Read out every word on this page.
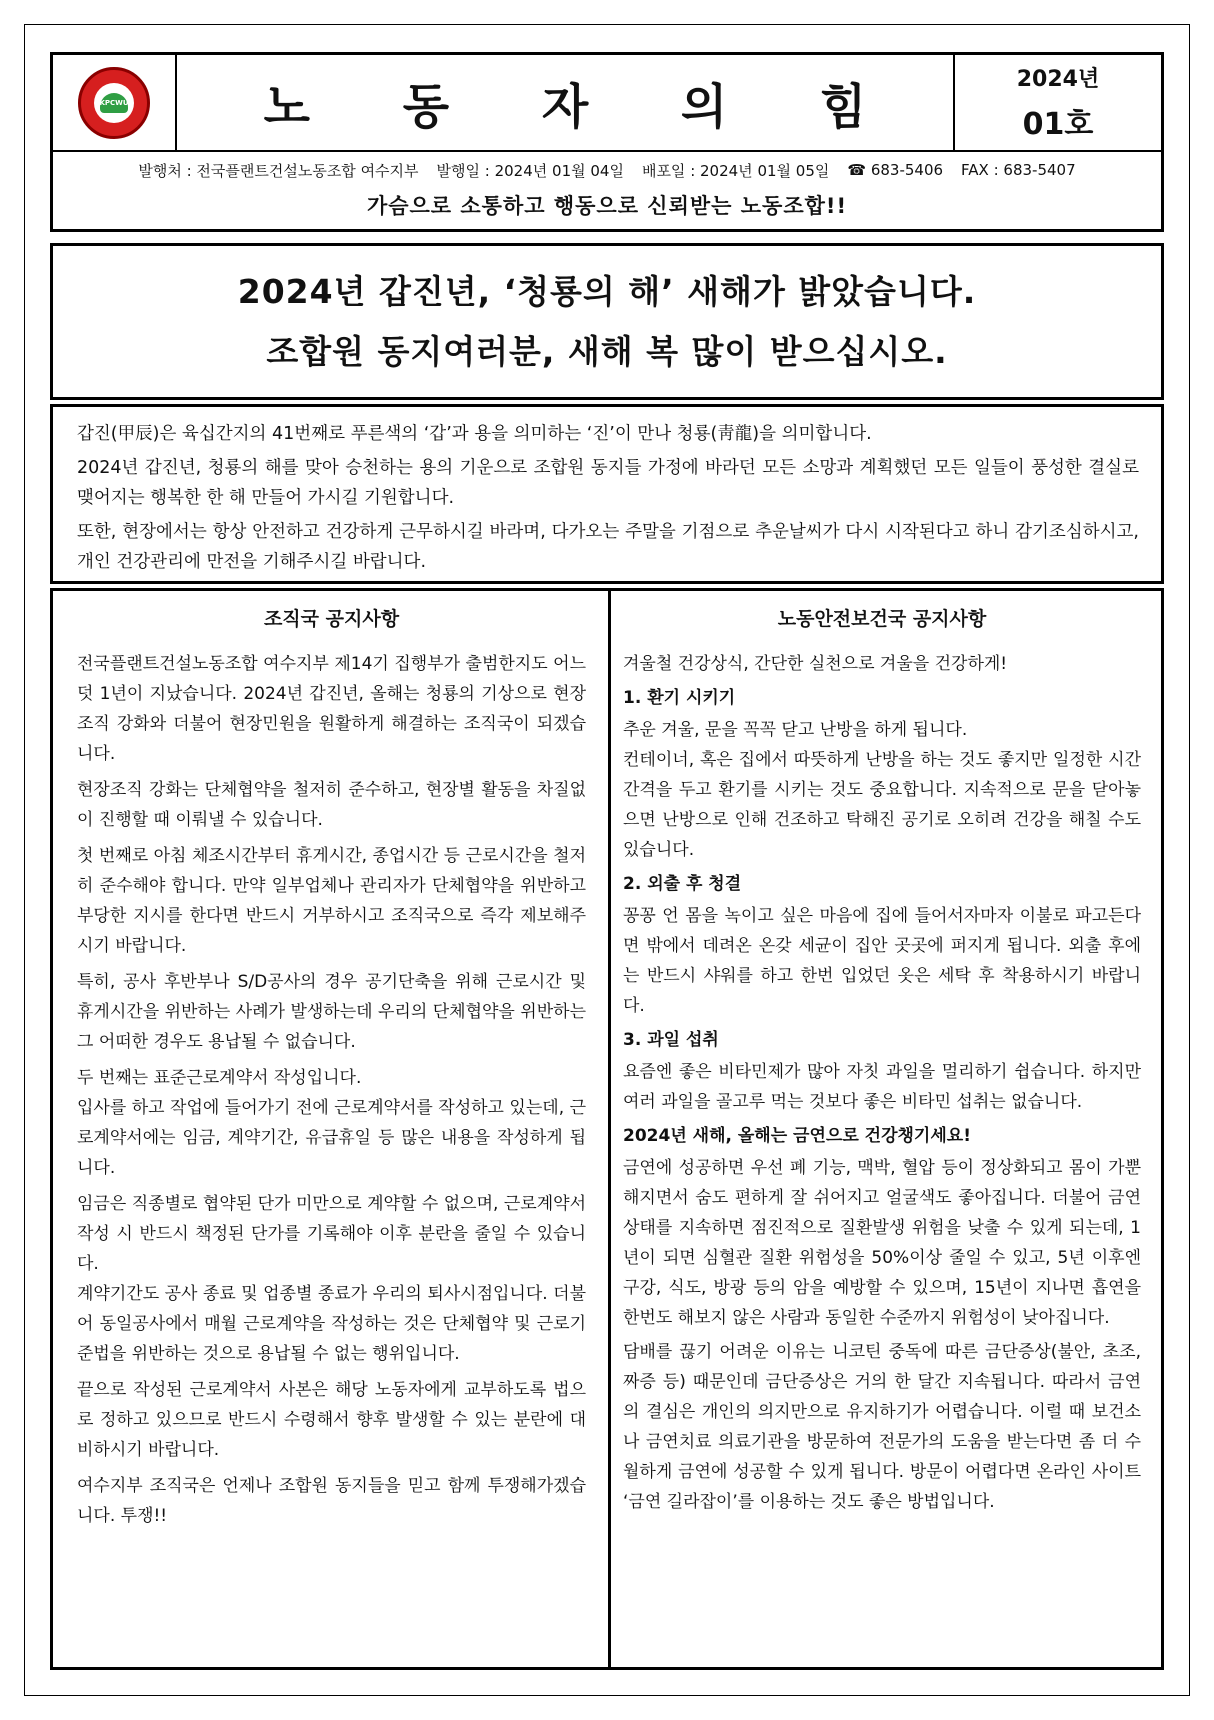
KPCWU	노 동 자 의 힘	2024년
01호
발행처 : 전국플랜트건설노동조합 여수지부 발행일 : 2024년 01월 04일 배포일 : 2024년 01월 05일 ☎ 683-5406 FAX : 683-5407
가슴으로 소통하고 행동으로 신뢰받는 노동조합!!
2024년 갑진년, ‘청룡의 해’ 새해가 밝았습니다.
조합원 동지여러분, 새해 복 많이 받으십시오.

갑진(甲辰)은 육십간지의 41번째로 푸른색의 ‘갑’과 용을 의미하는 ‘진’이 만나 청룡(靑龍)을 의미합니다.

2024년 갑진년, 청룡의 해를 맞아 승천하는 용의 기운으로 조합원 동지들 가정에 바라던 모든 소망과 계획했던 모든 일들이 풍성한 결실로 맺어지는 행복한 한 해 만들어 가시길 기원합니다.

또한, 현장에서는 항상 안전하고 건강하게 근무하시길 바라며, 다가오는 주말을 기점으로 추운날씨가 다시 시작된다고 하니 감기조심하시고, 개인 건강관리에 만전을 기해주시길 바랍니다.

조직국 공지사항

전국플랜트건설노동조합 여수지부 제14기 집행부가 출범한지도 어느덧 1년이 지났습니다. 2024년 갑진년, 올해는 청룡의 기상으로 현장조직 강화와 더불어 현장민원을 원활하게 해결하는 조직국이 되겠습니다.

현장조직 강화는 단체협약을 철저히 준수하고, 현장별 활동을 차질없이 진행할 때 이뤄낼 수 있습니다.

첫 번째로 아침 체조시간부터 휴게시간, 종업시간 등 근로시간을 철저히 준수해야 합니다. 만약 일부업체나 관리자가 단체협약을 위반하고 부당한 지시를 한다면 반드시 거부하시고 조직국으로 즉각 제보해주시기 바랍니다.

특히, 공사 후반부나 S/D공사의 경우 공기단축을 위해 근로시간 및 휴게시간을 위반하는 사례가 발생하는데 우리의 단체협약을 위반하는 그 어떠한 경우도 용납될 수 없습니다.

두 번째는 표준근로계약서 작성입니다.

입사를 하고 작업에 들어가기 전에 근로계약서를 작성하고 있는데, 근로계약서에는 임금, 계약기간, 유급휴일 등 많은 내용을 작성하게 됩니다.

임금은 직종별로 협약된 단가 미만으로 계약할 수 없으며, 근로계약서 작성 시 반드시 책정된 단가를 기록해야 이후 분란을 줄일 수 있습니다.

계약기간도 공사 종료 및 업종별 종료가 우리의 퇴사시점입니다. 더불어 동일공사에서 매월 근로계약을 작성하는 것은 단체협약 및 근로기준법을 위반하는 것으로 용납될 수 없는 행위입니다.

끝으로 작성된 근로계약서 사본은 해당 노동자에게 교부하도록 법으로 정하고 있으므로 반드시 수령해서 향후 발생할 수 있는 분란에 대비하시기 바랍니다.

여수지부 조직국은 언제나 조합원 동지들을 믿고 함께 투쟁해가겠습니다. 투쟁!!

노동안전보건국 공지사항

겨울철 건강상식, 간단한 실천으로 겨울을 건강하게!

1. 환기 시키기

추운 겨울, 문을 꼭꼭 닫고 난방을 하게 됩니다.

컨테이너, 혹은 집에서 따뜻하게 난방을 하는 것도 좋지만 일정한 시간 간격을 두고 환기를 시키는 것도 중요합니다. 지속적으로 문을 닫아놓으면 난방으로 인해 건조하고 탁해진 공기로 오히려 건강을 해칠 수도 있습니다.

2. 외출 후 청결

꽁꽁 언 몸을 녹이고 싶은 마음에 집에 들어서자마자 이불로 파고든다면 밖에서 데려온 온갖 세균이 집안 곳곳에 퍼지게 됩니다. 외출 후에는 반드시 샤워를 하고 한번 입었던 옷은 세탁 후 착용하시기 바랍니다.

3. 과일 섭취

요즘엔 좋은 비타민제가 많아 자칫 과일을 멀리하기 쉽습니다. 하지만 여러 과일을 골고루 먹는 것보다 좋은 비타민 섭취는 없습니다.

2024년 새해, 올해는 금연으로 건강챙기세요!

금연에 성공하면 우선 폐 기능, 맥박, 혈압 등이 정상화되고 몸이 가뿐해지면서 숨도 편하게 잘 쉬어지고 얼굴색도 좋아집니다. 더불어 금연상태를 지속하면 점진적으로 질환발생 위험을 낮출 수 있게 되는데, 1년이 되면 심혈관 질환 위험성을 50%이상 줄일 수 있고, 5년 이후엔 구강, 식도, 방광 등의 암을 예방할 수 있으며, 15년이 지나면 흡연을 한번도 해보지 않은 사람과 동일한 수준까지 위험성이 낮아집니다.

담배를 끊기 어려운 이유는 니코틴 중독에 따른 금단증상(불안, 초조, 짜증 등) 때문인데 금단증상은 거의 한 달간 지속됩니다. 따라서 금연의 결심은 개인의 의지만으로 유지하기가 어렵습니다. 이럴 때 보건소나 금연치료 의료기관을 방문하여 전문가의 도움을 받는다면 좀 더 수월하게 금연에 성공할 수 있게 됩니다. 방문이 어렵다면 온라인 사이트 ‘금연 길라잡이’를 이용하는 것도 좋은 방법입니다.
